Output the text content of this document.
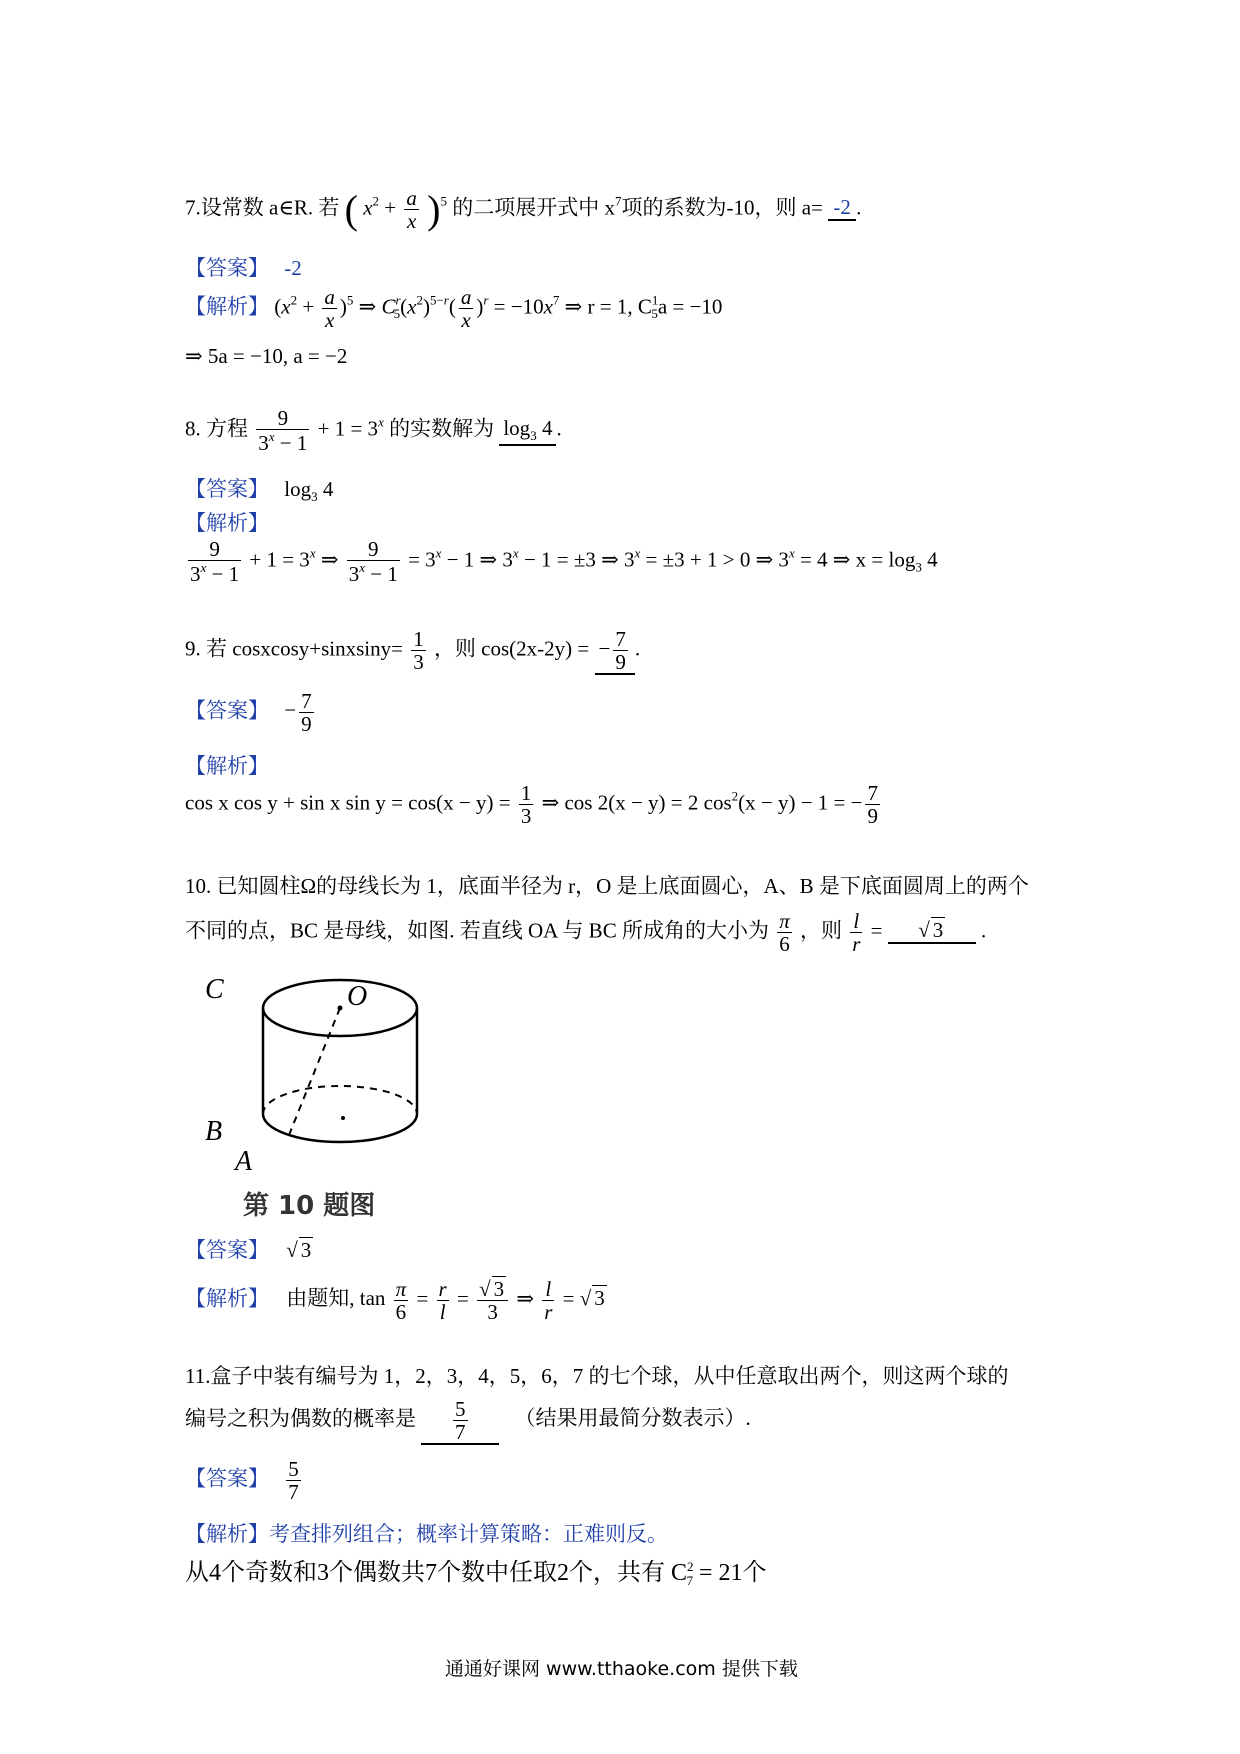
7.设常数 a∈R. 若 ( $x^2 + \frac{a}{x} )^5$ 的二项展开式中 $x^7$项的系数为-10，则 a= -2 .
【答案】 -2
【解析】 $(x^2 + \frac{a}{x} )^5$ ⇒ $C^r_5(x^2)^{5-r}( \frac{a}{x} )^r = -10x^7$ ⇒ r = 1, $C^1_5a = -10$
⇒ 5a = −10, a = −2
8. 方程 $\frac{9}{3^x - 1} + 1 = 3^x$ 的实数解为 $\log_3 4$ .
【答案】 $\log_3 4$
【解析】
$\frac{9}{3^x - 1} + 1 = 3^x$ ⇒ $\frac{9}{3^x - 1} = 3^x - 1$ ⇒ $3^x - 1 = \pm 3$ ⇒ $3^x = \pm 3 + 1 > 0$ ⇒ $3^x = 4$ ⇒ $x = \log_3 4$
9. 若 cosxcosy+sinxsiny= $\frac{1}{3}$ ，则 cos(2x-2y) = − $\frac{7}{9}$ .
【答案】 − $\frac{7}{9}$
【解析】
cos x cos y + sin x $\sin y = \cos(x - y) = \frac{1}{3}$ ⇒ cos 2(x − y) = 2 $\cos^2(x - y) - 1$ = − $\frac{7}{9}$
10. 已知圆柱Ω的母线长为 1，底面半径为 r，O 是上底面圆心，A、B 是下底面圆周上的两个
不同的点，BC 是母线，如图. 若直线 OA 与 BC 所成角的大小为 $\frac{\pi}{6}$ ，则 $\frac{l}{r}$ = √ 3 .
C	O
B
A
第 10 题图
【答案】 √ 3
【解析】 由题知, $\tan \frac{\pi}{6} = \frac{r}{l} = \frac{√ 3}{3}$ ⇒ $\frac{l}{r}$ = √ 3
11.盒子中装有编号为 1，2，3，4，5，6，7 的七个球，从中任意取出两个，则这两个球的
编号之积为偶数的概率是 $\frac{5}{7}$ （结果用最简分数表示）.
【答案】 $\frac{5}{7}$
【解析】考查排列组合；概率计算策略：正难则反。
从4个奇数和3个偶数共7个数中任取2个，共有 $C^2_7 = 21$个
通通好课网 www.tthaoke.com 提供下载
